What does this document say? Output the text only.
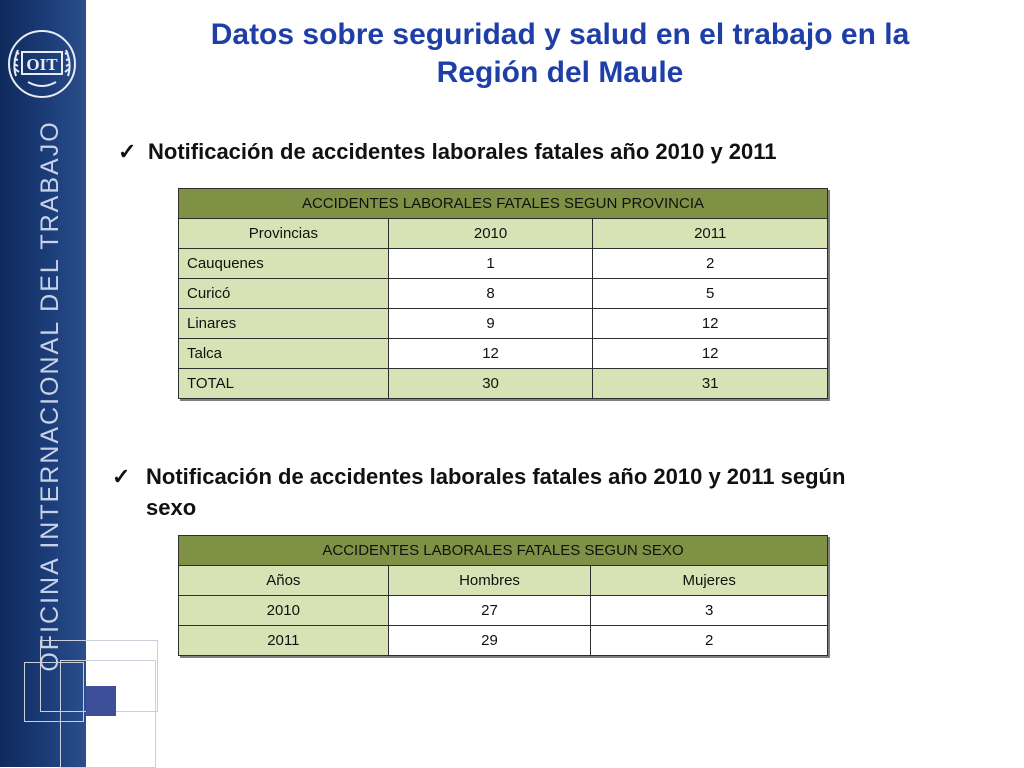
OIT
OFICINA INTERNACIONAL DEL TRABAJO
Datos sobre seguridad y salud en el trabajo en la
Región del Maule
✓ Notificación de accidentes laborales fatales año 2010 y 2011
ACCIDENTES LABORALES FATALES SEGUN PROVINCIA		
Provincias	2010	2011
Cauquenes	1	2
Curicó	8	5
Linares	9	12
Talca	12	12
TOTAL	30	31
✓ Notificación de accidentes laborales fatales año 2010 y 2011 según
sexo
ACCIDENTES LABORALES FATALES SEGUN SEXO		
Años	Hombres	Mujeres
2010	27	3
2011	29	2
